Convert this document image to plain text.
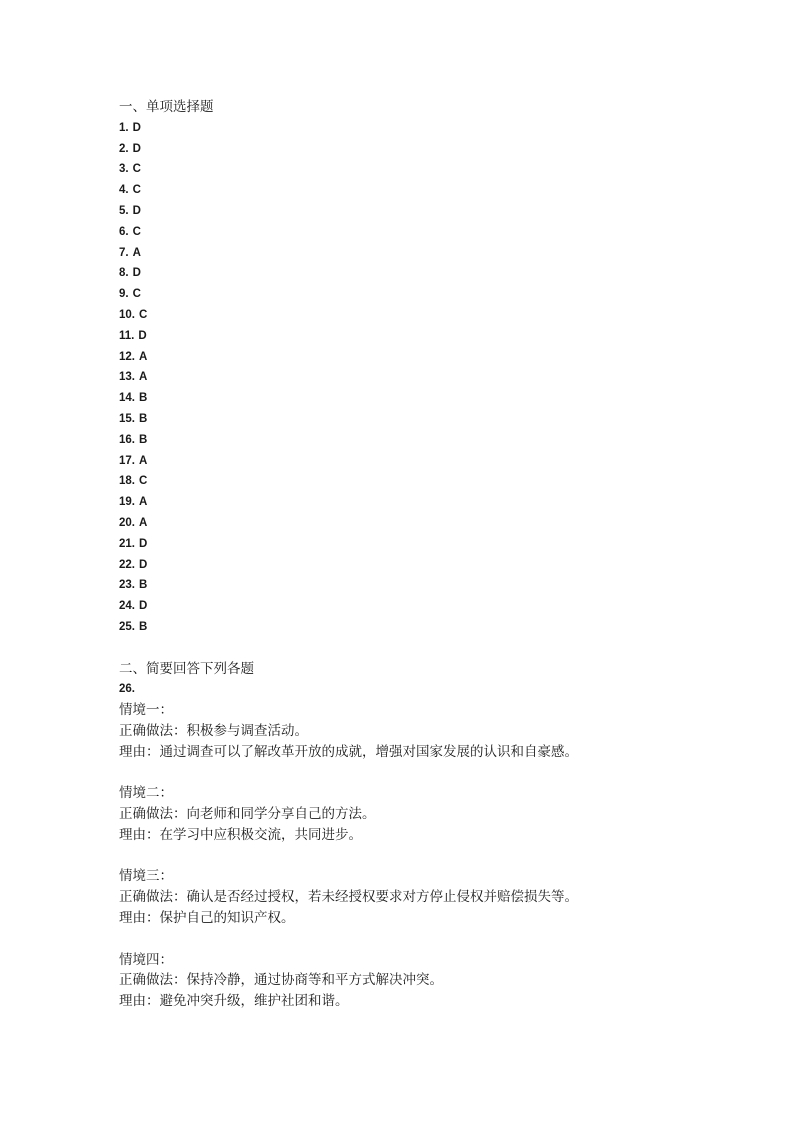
一、单项选择题
1. D
2. D
3. C
4. C
5. D
6. C
7. A
8. D
9. C
10. C
11. D
12. A
13. A
14. B
15. B
16. B
17. A
18. C
19. A
20. A
21. D
22. D
23. B
24. D
25. B
二、简要回答下列各题
26.
情境一：
正确做法：积极参与调查活动。
理由：通过调查可以了解改革开放的成就，增强对国家发展的认识和自豪感。
情境二：
正确做法：向老师和同学分享自己的方法。
理由：在学习中应积极交流，共同进步。
情境三：
正确做法：确认是否经过授权，若未经授权要求对方停止侵权并赔偿损失等。
理由：保护自己的知识产权。
情境四：
正确做法：保持冷静，通过协商等和平方式解决冲突。
理由：避免冲突升级，维护社团和谐。
